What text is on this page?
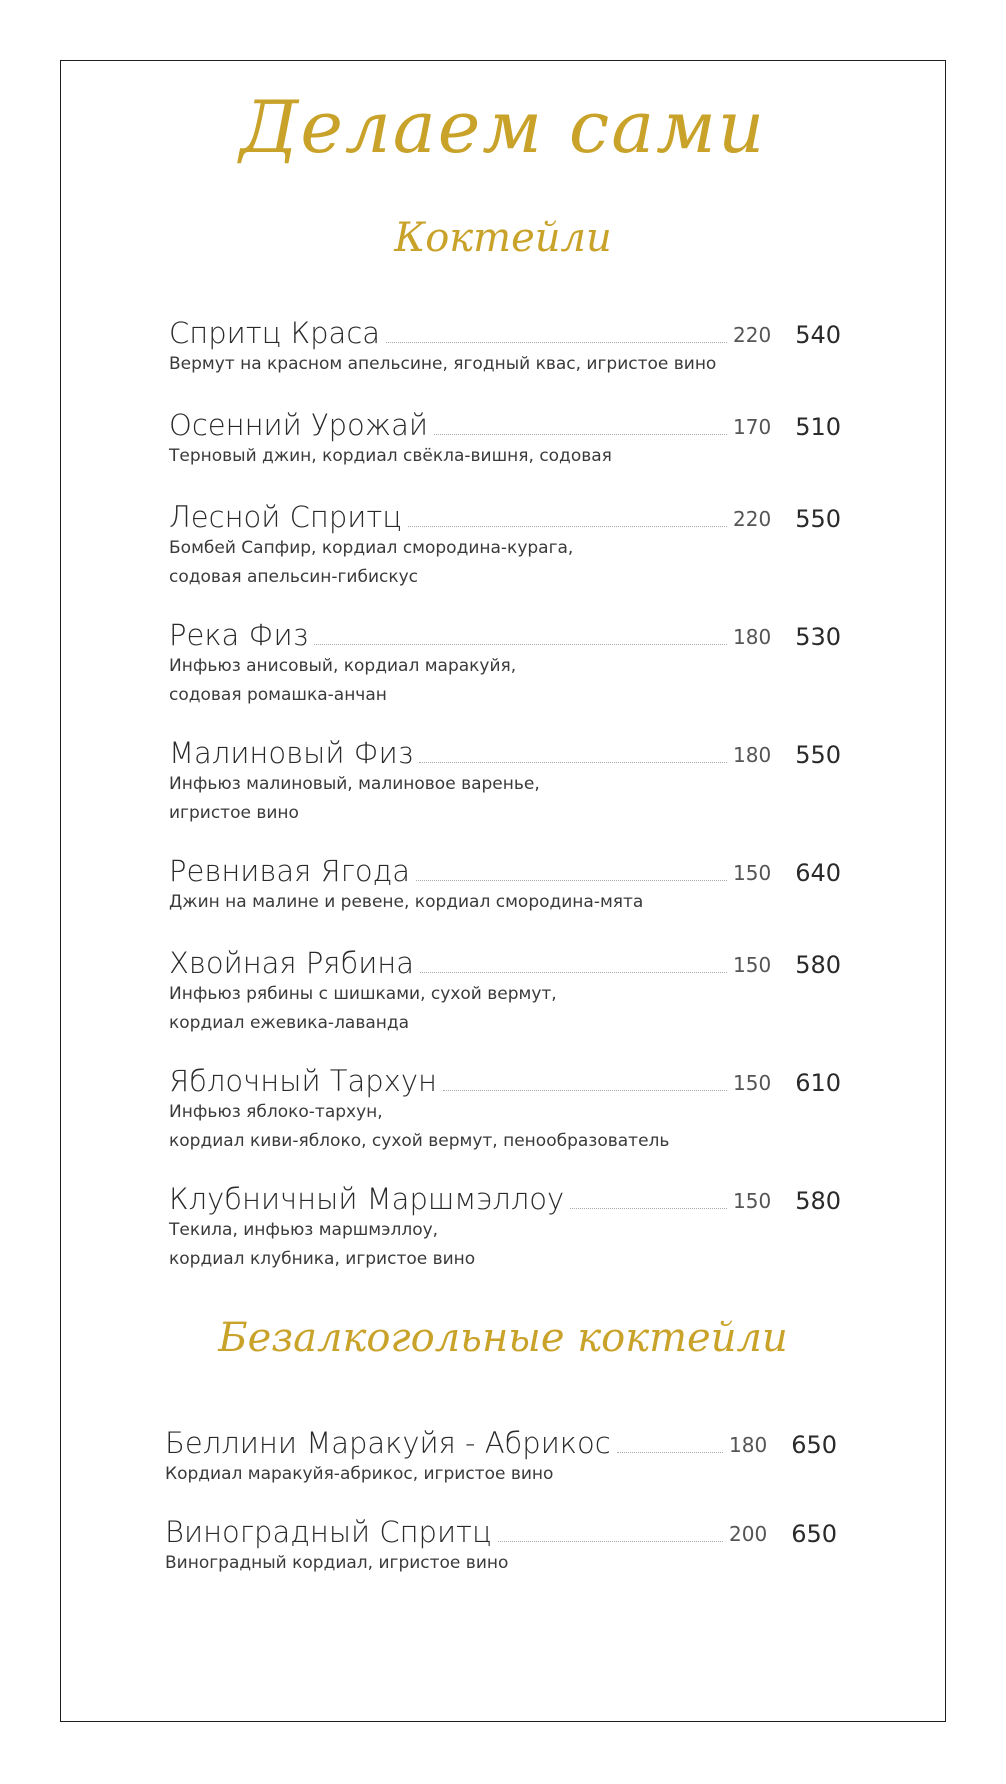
Делаем сами
Коктейли
Безалкогольные коктейли
Спритц Краса	220	540
Вермут на красном апельсине, ягодный квас, игристое вино
Осенний Урожай	170	510
Терновый джин, кордиал свёкла-вишня, содовая
Лесной Спритц	220	550
Бомбей Сапфир, кордиал смородина-курага,
содовая апельсин-гибискус
Река Физ	180	530
Инфьюз анисовый, кордиал маракуйя,
содовая ромашка-анчан
Малиновый Физ	180	550
Инфьюз малиновый, малиновое варенье,
игристое вино
Ревнивая Ягода	150	640
Джин на малине и ревене, кордиал смородина-мята
Хвойная Рябина	150	580
Инфьюз рябины с шишками, сухой вермут,
кордиал ежевика-лаванда
Яблочный Тархун	150	610
Инфьюз яблоко-тархун,
кордиал киви-яблоко, сухой вермут, пенообразователь
Клубничный Маршмэллоу	150	580
Текила, инфьюз маршмэллоу,
кордиал клубника, игристое вино
Беллини Маракуйя - Абрикос	180	650
Кордиал маракуйя-абрикос, игристое вино
Виноградный Спритц	200	650
Виноградный кордиал, игристое вино
